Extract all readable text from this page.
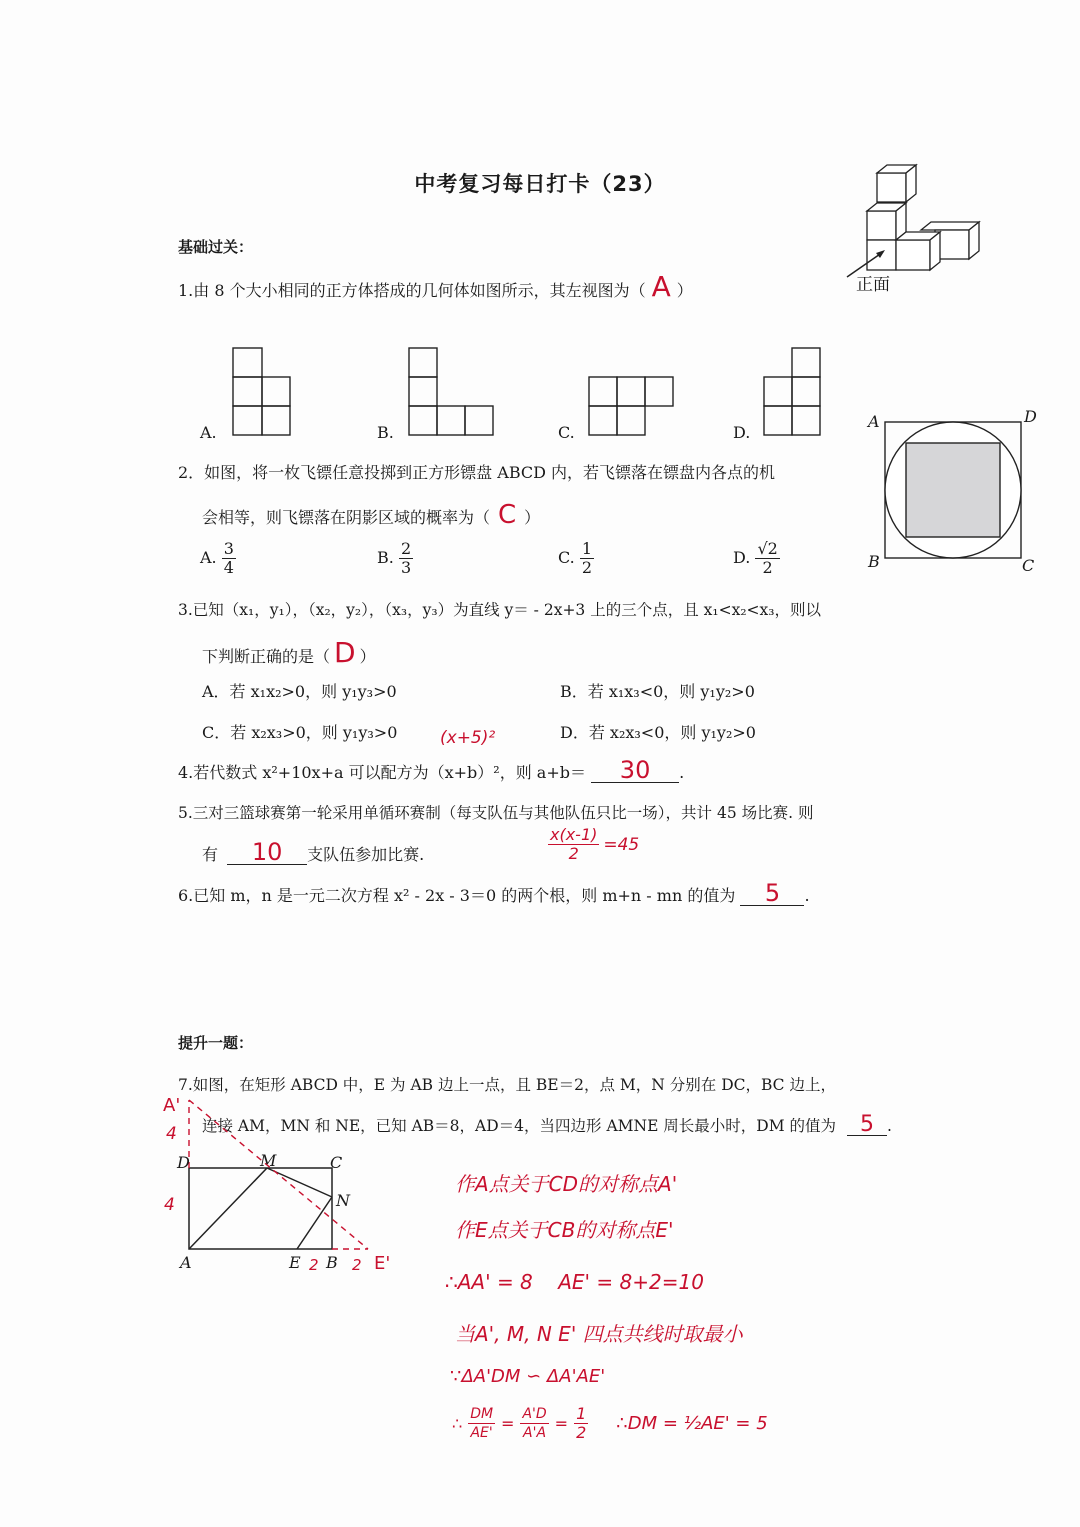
中考复习每日打卡（23）
正面
基础过关：
1.由 8 个大小相同的正方体搭成的几何体如图所示，其左视图为（ A ）
A.	B.	C.	D.
A	D
B	C
2．如图，将一枚飞镖任意投掷到正方形镖盘 ABCD 内，若飞镖落在镖盘内各点的机
会相等，则飞镖落在阴影区域的概率为（ C ）
A. $\frac{3}{4}$	B. $\frac{2}{3}$	C. $\frac{1}{2}$	D. $\frac{√2}{2}$
3.已知（x₁，y₁），（x₂，y₂），（x₃，y₃）为直线 y＝ - 2x+3 上的三个点，且 x₁<x₂<x₃，则以
下判断正确的是（ D ）
A．若 x₁x₂>0，则 y₁y₃>0	B．若 x₁x₃<0，则 y₁y₂>0
C．若 x₂x₃>0，则 y₁y₃>0	D．若 x₂x₃<0，则 y₁y₂>0
(x+5)²
4.若代数式 x²+10x+a 可以配方为（x+b）²，则 a+b＝	30	.
5.三对三篮球赛第一轮采用单循环赛制（每支队伍与其他队伍只比一场），共计 45 场比赛. 则
有	10	支队伍参加比赛.	$\frac{x(x-1)}{2} =45$
6.已知 m，n 是一元二次方程 x² - 2x - 3＝0 的两个根，则 m+n - mn 的值为	5	.
提升一题：
7.如图，在矩形 ABCD 中，E 为 AB 边上一点，且 BE＝2，点 M，N 分别在 DC，BC 边上，
连接 AM，MN 和 NE，已知 AB＝8，AD＝4，当四边形 AMNE 周长最小时，DM 的值为	5 .
D	M	C
N
A	E B
A'
4
4
2 2 E'
作A点关于CD的对称点A'
作E点关于CB的对称点E'
∴AA' = 8    AE' = 8+2=10
当A', M, N E' 四点共线时取最小
∵ΔA'DM ∽ ΔA'AE'
∴ $\frac{DM}{AE'} = \frac{A'D}{A'A} = \frac{1}{2}$ ∴DM = ½AE' = 5
